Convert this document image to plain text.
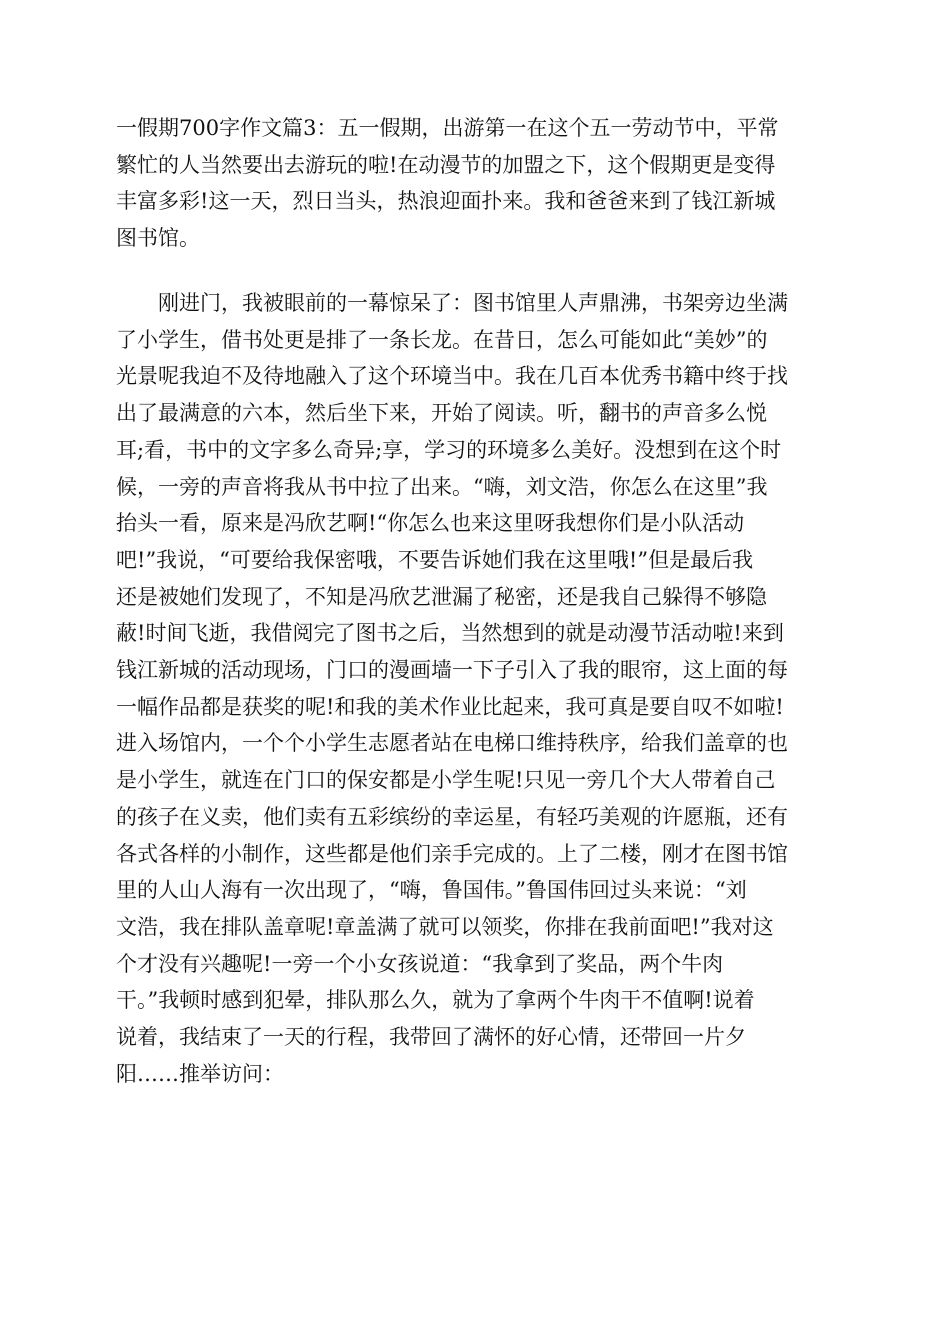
一假期700字作文篇3：五一假期，出游第一在这个五一劳动节中，平常
繁忙的人当然要出去游玩的啦!在动漫节的加盟之下，这个假期更是变得
丰富多彩!这一天，烈日当头，热浪迎面扑来。我和爸爸来到了钱江新城
图书馆。

刚进门，我被眼前的一幕惊呆了：图书馆里人声鼎沸，书架旁边坐满
了小学生，借书处更是排了一条长龙。在昔日，怎么可能如此“美妙”的
光景呢我迫不及待地融入了这个环境当中。我在几百本优秀书籍中终于找
出了最满意的六本，然后坐下来，开始了阅读。听，翻书的声音多么悦
耳;看，书中的文字多么奇异;享，学习的环境多么美好。没想到在这个时
候，一旁的声音将我从书中拉了出来。“嗨，刘文浩，你怎么在这里”我
抬头一看，原来是冯欣艺啊!“你怎么也来这里呀我想你们是小队活动
吧!”我说，“可要给我保密哦，不要告诉她们我在这里哦!”但是最后我
还是被她们发现了，不知是冯欣艺泄漏了秘密，还是我自己躲得不够隐
蔽!时间飞逝，我借阅完了图书之后，当然想到的就是动漫节活动啦!来到
钱江新城的活动现场，门口的漫画墙一下子引入了我的眼帘，这上面的每
一幅作品都是获奖的呢!和我的美术作业比起来，我可真是要自叹不如啦!
进入场馆内，一个个小学生志愿者站在电梯口维持秩序，给我们盖章的也
是小学生，就连在门口的保安都是小学生呢!只见一旁几个大人带着自己
的孩子在义卖，他们卖有五彩缤纷的幸运星，有轻巧美观的许愿瓶，还有
各式各样的小制作，这些都是他们亲手完成的。上了二楼，刚才在图书馆
里的人山人海有一次出现了，“嗨，鲁国伟。”鲁国伟回过头来说：“刘
文浩，我在排队盖章呢!章盖满了就可以领奖，你排在我前面吧!”我对这
个才没有兴趣呢!一旁一个小女孩说道：“我拿到了奖品，两个牛肉
干。”我顿时感到犯晕，排队那么久，就为了拿两个牛肉干不值啊!说着
说着，我结束了一天的行程，我带回了满怀的好心情，还带回一片夕
阳……推举访问：
